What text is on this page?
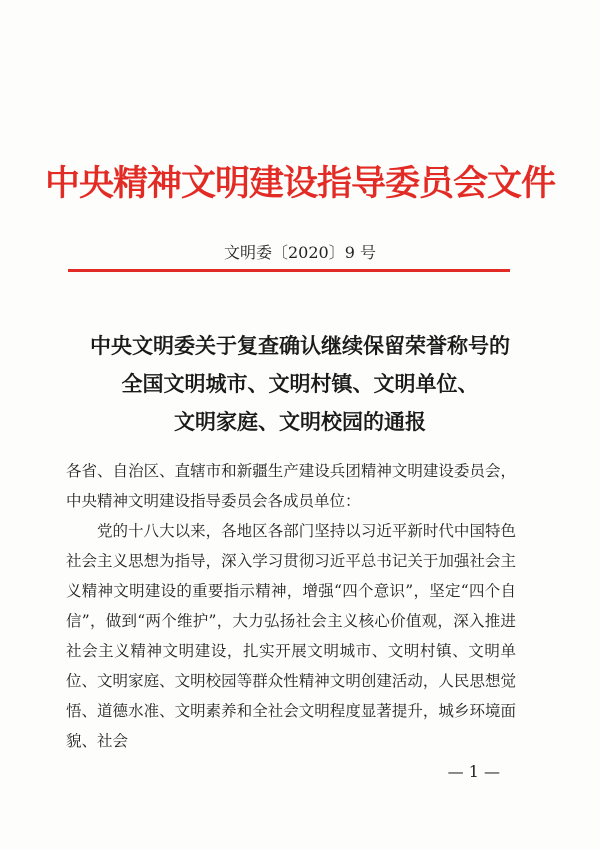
中央精神文明建设指导委员会文件
文明委〔2020〕9 号
中央文明委关于复查确认继续保留荣誉称号的
全国文明城市、文明村镇、文明单位、
文明家庭、文明校园的通报

各省、自治区、直辖市和新疆生产建设兵团精神文明建设委员会，中央精神文明建设指导委员会各成员单位：

党的十八大以来，各地区各部门坚持以习近平新时代中国特色社会主义思想为指导，深入学习贯彻习近平总书记关于加强社会主义精神文明建设的重要指示精神，增强“四个意识”，坚定“四个自信”，做到“两个维护”，大力弘扬社会主义核心价值观，深入推进社会主义精神文明建设，扎实开展文明城市、文明村镇、文明单位、文明家庭、文明校园等群众性精神文明创建活动，人民思想觉悟、道德水准、文明素养和全社会文明程度显著提升，城乡环境面貌、社会

— 1 —
